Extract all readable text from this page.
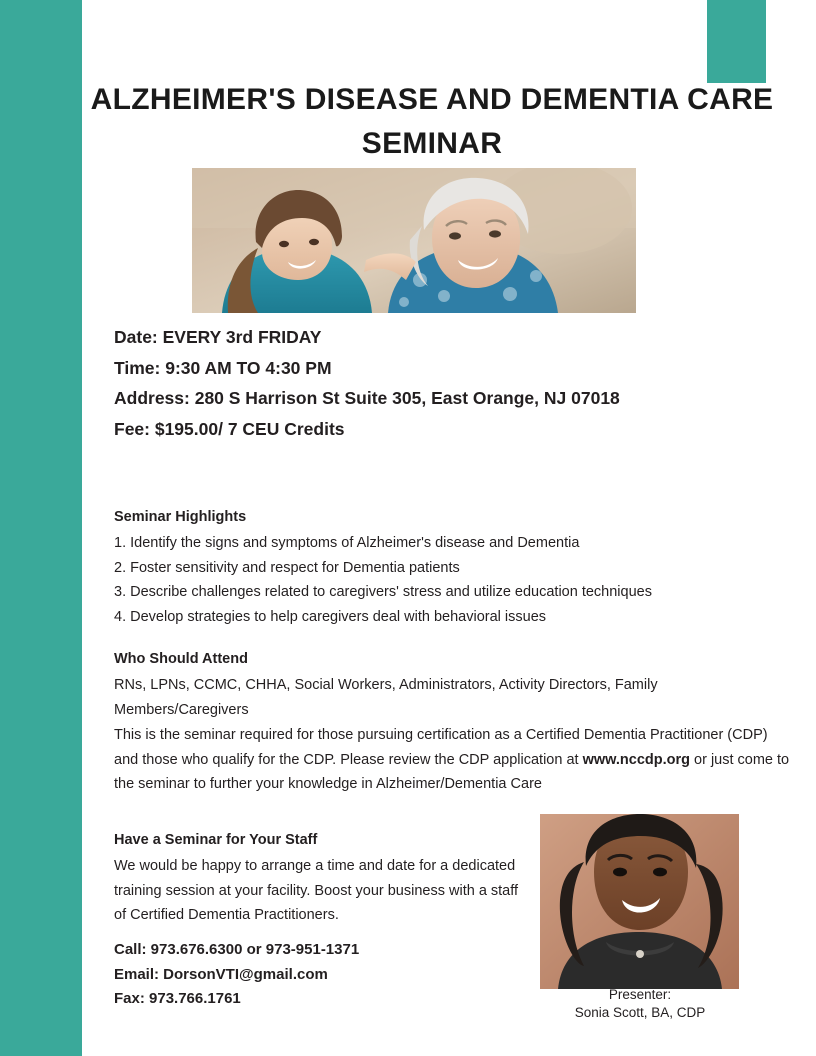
ALZHEIMER'S DISEASE AND DEMENTIA CARE SEMINAR
Date: EVERY 3rd FRIDAY
Time: 9:30 AM TO 4:30 PM
Address: 280 S Harrison St Suite 305, East Orange, NJ 07018
Fee: $195.00/ 7 CEU Credits
Seminar Highlights
1. Identify the signs and symptoms of Alzheimer's disease and Dementia
2. Foster sensitivity and respect for Dementia patients
3. Describe challenges related to caregivers' stress and utilize education techniques
4. Develop strategies to help caregivers deal with behavioral issues
Who Should Attend

RNs, LPNs, CCMC, CHHA, Social Workers, Administrators, Activity Directors, Family Members/Caregivers

This is the seminar required for those pursuing certification as a Certified Dementia Practitioner (CDP) and those who qualify for the CDP. Please review the CDP application at www.nccdp.org or just come to the seminar to further your knowledge in Alzheimer/Dementia Care

Have a Seminar for Your Staff

We would be happy to arrange a time and date for a dedicated training session at your facility. Boost your business with a staff of Certified Dementia Practitioners.

Call: 973.676.6300 or 973-951-1371
Email: DorsonVTI@gmail.com
Fax: 973.766.1761	Presenter:
Sonia Scott, BA, CDP
